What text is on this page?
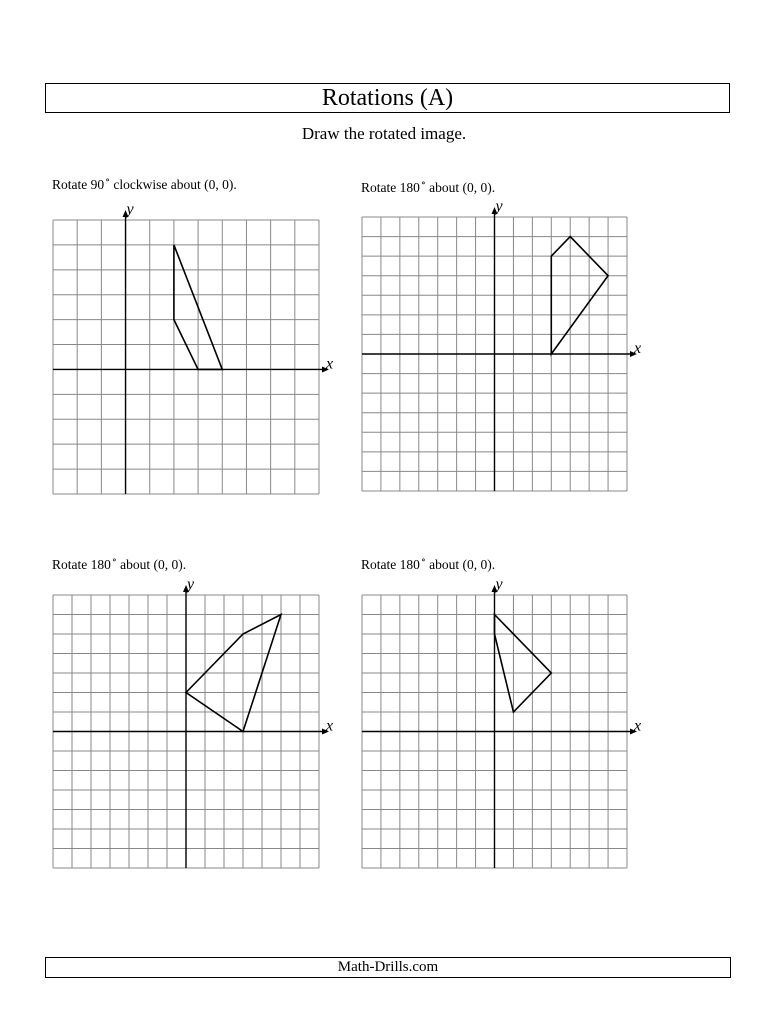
Rotations (A)
Draw the rotated image.
Rotate 90∘ clockwise about (0, 0).
x
y
Rotate 180∘ about (0, 0).
x
y
Rotate 180∘ about (0, 0).
x
y
Rotate 180∘ about (0, 0).
x
y
Math-Drills.com
